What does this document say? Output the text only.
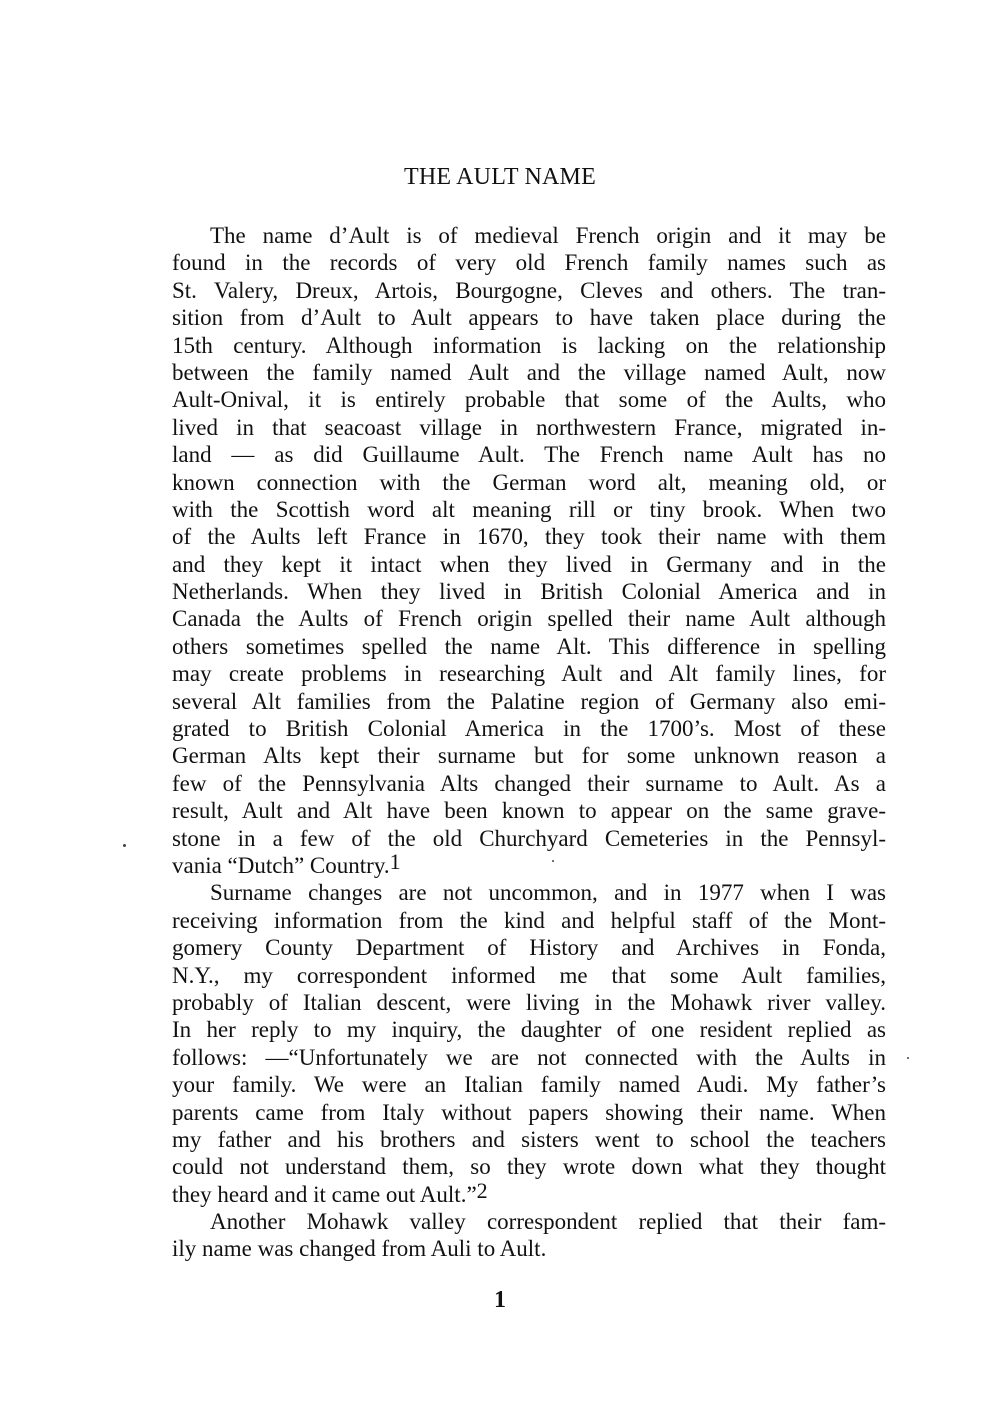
THE AULT NAME
The name d’Ault is of medieval French origin and it may be
found in the records of very old French family names such as
St. Valery, Dreux, Artois, Bourgogne, Cleves and others. The tran-
sition from d’Ault to Ault appears to have taken place during the
15th century. Although information is lacking on the relationship
between the family named Ault and the village named Ault, now
Ault-Onival, it is entirely probable that some of the Aults, who
lived in that seacoast village in northwestern France, migrated in-
land — as did Guillaume Ault. The French name Ault has no
known connection with the German word alt, meaning old, or
with the Scottish word alt meaning rill or tiny brook. When two
of the Aults left France in 1670, they took their name with them
and they kept it intact when they lived in Germany and in the
Netherlands. When they lived in British Colonial America and in
Canada the Aults of French origin spelled their name Ault although
others sometimes spelled the name Alt. This difference in spelling
may create problems in researching Ault and Alt family lines, for
several Alt families from the Palatine region of Germany also emi-
grated to British Colonial America in the 1700’s. Most of these
German Alts kept their surname but for some unknown reason a
few of the Pennsylvania Alts changed their surname to Ault. As a
result, Ault and Alt have been known to appear on the same grave-
stone in a few of the old Churchyard Cemeteries in the Pennsyl-
vania “Dutch” Country.1
Surname changes are not uncommon, and in 1977 when I was
receiving information from the kind and helpful staff of the Mont-
gomery County Department of History and Archives in Fonda,
N.Y., my correspondent informed me that some Ault families,
probably of Italian descent, were living in the Mohawk river valley.
In her reply to my inquiry, the daughter of one resident replied as
follows: —“Unfortunately we are not connected with the Aults in
your family. We were an Italian family named Audi. My father’s
parents came from Italy without papers showing their name. When
my father and his brothers and sisters went to school the teachers
could not understand them, so they wrote down what they thought
they heard and it came out Ault.”2
Another Mohawk valley correspondent replied that their fam-
ily name was changed from Auli to Ault.
1
